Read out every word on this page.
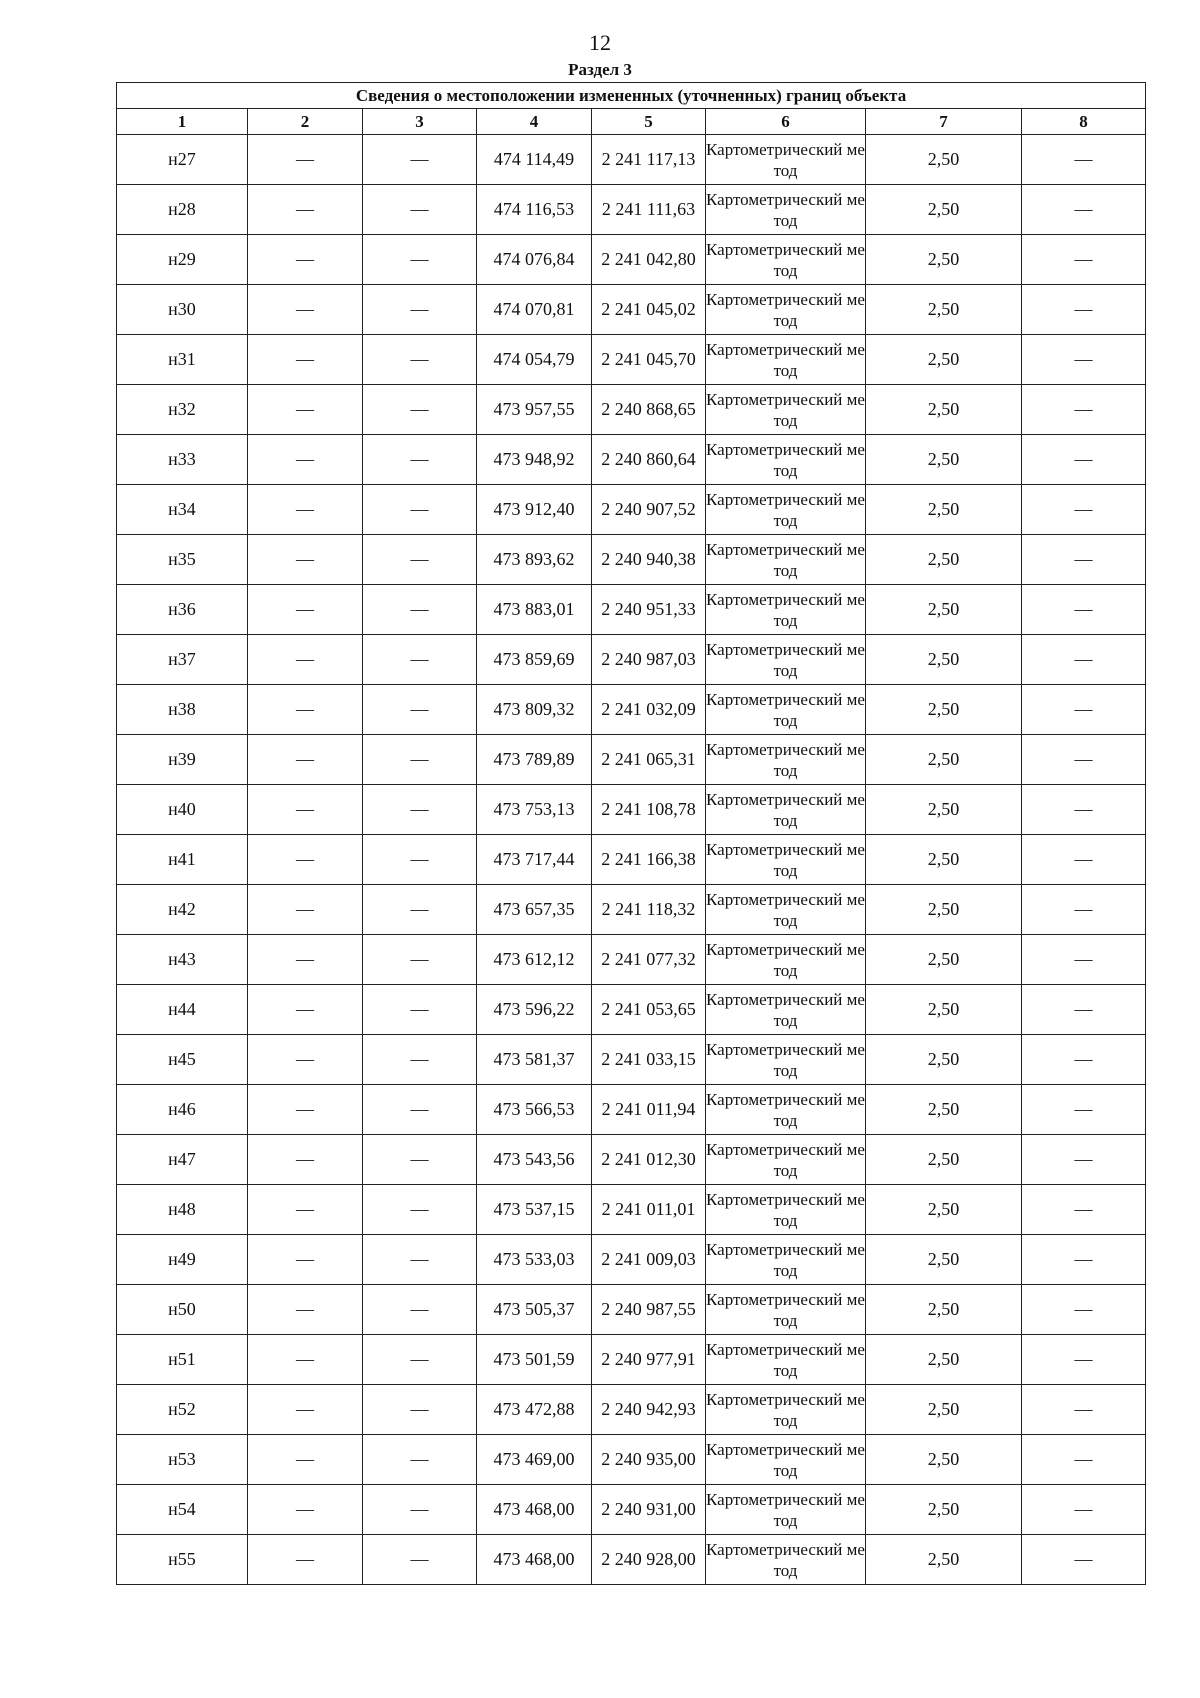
12
Раздел 3
Сведения о местоположении измененных (уточненных) границ объекта							
1	2	3	4	5	6	7	8
н27	—	—	474 114,49	2 241 117,13	Картометрический метод	2,50	—
н28	—	—	474 116,53	2 241 111,63	Картометрический метод	2,50	—
н29	—	—	474 076,84	2 241 042,80	Картометрический метод	2,50	—
н30	—	—	474 070,81	2 241 045,02	Картометрический метод	2,50	—
н31	—	—	474 054,79	2 241 045,70	Картометрический метод	2,50	—
н32	—	—	473 957,55	2 240 868,65	Картометрический метод	2,50	—
н33	—	—	473 948,92	2 240 860,64	Картометрический метод	2,50	—
н34	—	—	473 912,40	2 240 907,52	Картометрический метод	2,50	—
н35	—	—	473 893,62	2 240 940,38	Картометрический метод	2,50	—
н36	—	—	473 883,01	2 240 951,33	Картометрический метод	2,50	—
н37	—	—	473 859,69	2 240 987,03	Картометрический метод	2,50	—
н38	—	—	473 809,32	2 241 032,09	Картометрический метод	2,50	—
н39	—	—	473 789,89	2 241 065,31	Картометрический метод	2,50	—
н40	—	—	473 753,13	2 241 108,78	Картометрический метод	2,50	—
н41	—	—	473 717,44	2 241 166,38	Картометрический метод	2,50	—
н42	—	—	473 657,35	2 241 118,32	Картометрический метод	2,50	—
н43	—	—	473 612,12	2 241 077,32	Картометрический метод	2,50	—
н44	—	—	473 596,22	2 241 053,65	Картометрический метод	2,50	—
н45	—	—	473 581,37	2 241 033,15	Картометрический метод	2,50	—
н46	—	—	473 566,53	2 241 011,94	Картометрический метод	2,50	—
н47	—	—	473 543,56	2 241 012,30	Картометрический метод	2,50	—
н48	—	—	473 537,15	2 241 011,01	Картометрический метод	2,50	—
н49	—	—	473 533,03	2 241 009,03	Картометрический метод	2,50	—
н50	—	—	473 505,37	2 240 987,55	Картометрический метод	2,50	—
н51	—	—	473 501,59	2 240 977,91	Картометрический метод	2,50	—
н52	—	—	473 472,88	2 240 942,93	Картометрический метод	2,50	—
н53	—	—	473 469,00	2 240 935,00	Картометрический метод	2,50	—
н54	—	—	473 468,00	2 240 931,00	Картометрический метод	2,50	—
н55	—	—	473 468,00	2 240 928,00	Картометрический метод	2,50	—
